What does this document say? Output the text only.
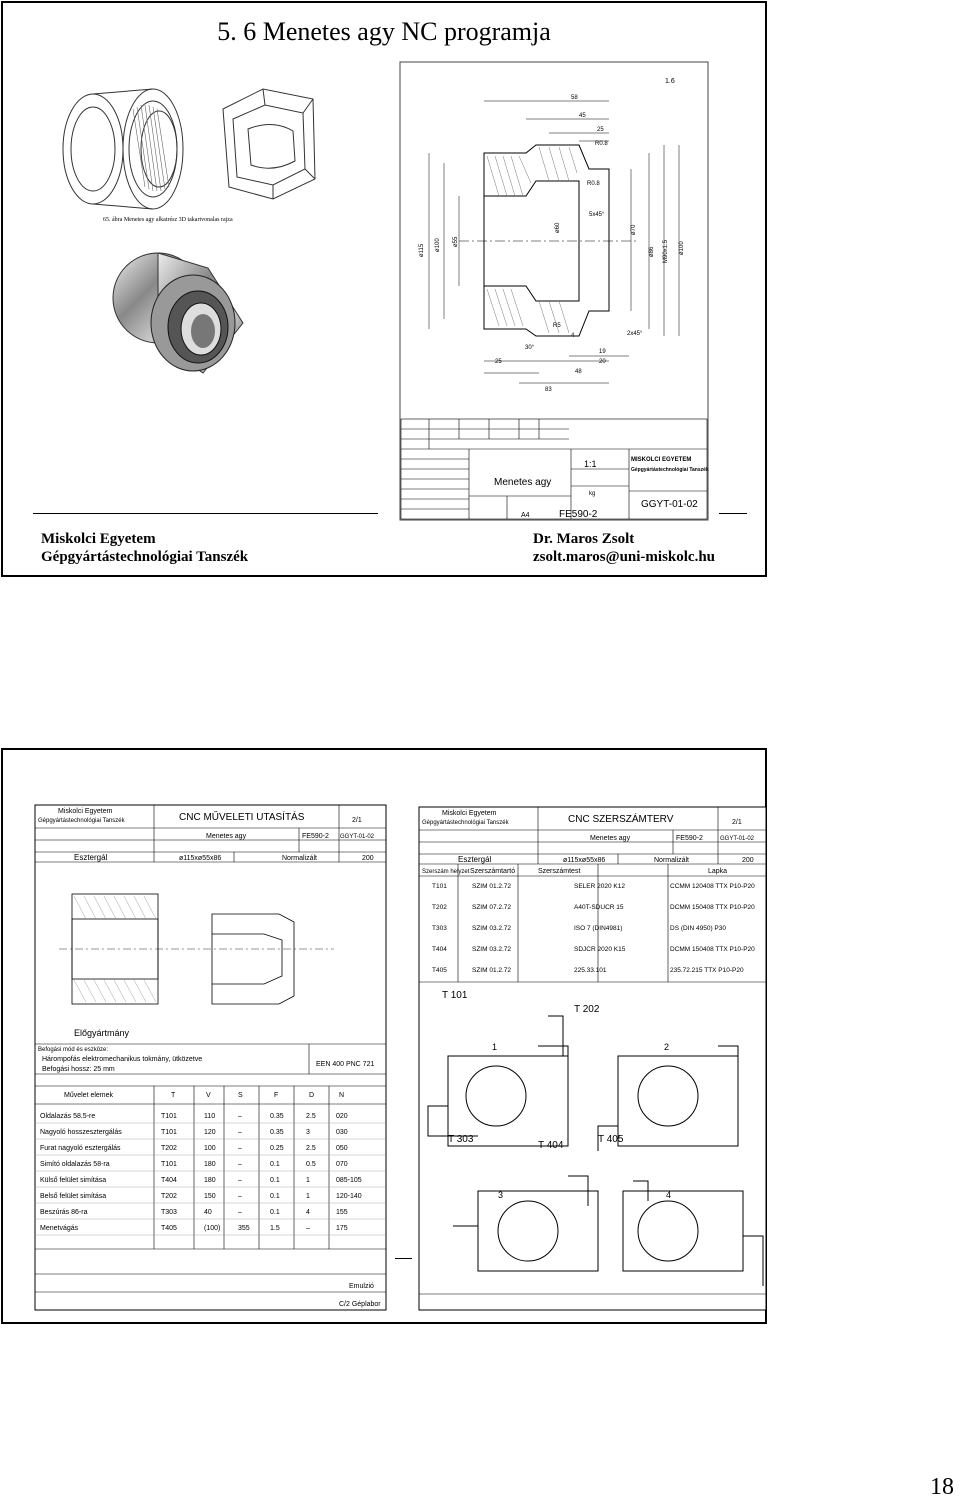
5. 6 Menetes agy NC programja
65. ábra Menetes agy alkatrész 3D takartvonalas rajza
1.6
58
45
25
R0.8
R0.8
5x45°
ø115 ø100 ø55
ø60	ø70
ø86 M90x1.5 ø100
2x45°
30°
19
20
48
25
83
R5
4
Menetes agy
1:1
kg
MISKOLCI EGYETEM
Gépgyártástechnológiai Tanszék
GGYT-01-02
A4	FE590-2
Miskolci Egyetem
Gépgyártástechnológiai Tanszék
Dr. Maros Zsolt
zsolt.maros@uni-miskolc.hu
Miskolci Egyetem
Gépgyártástechnológiai Tanszék	CNC MŰVELETI UTASÍTÁS	2/1
Menetes agy	FE590-2 GGYT-01-02
Esztergál	ø115xø55x86	Normalizált	200
Előgyártmány
Befogási mód és eszköze:
Hárompofás elektromechanikus tokmány, ütközetve
Befogási hossz: 25 mm
EEN 400 PNC 721
Művelet elemek	T	V	S	F	D	N
Oldalazás 58.5-re	T101	110	–	0.35	2.5	020
Nagyoló hosszesztergálás	T101	120	–	0.35	3	030
Furat nagyoló esztergálás	T202	100	–	0.25	2.5	050
Simító oldalazás 58-ra	T101	180	–	0.1	0.5	070
Külső felület simítása	T404	180	–	0.1	1	085-105
Belső felület simítása	T202	150	–	0.1	1	120-140
Beszúrás 86-ra	T303	40	–	0.1	4	155
Menetvágás	T405	(100)	355	1.5	–	175
C/2 Géplabor
Emulzió
Miskolci Egyetem
Gépgyártástechnológiai Tanszék	CNC SZERSZÁMTERV	2/1
Menetes agy	FE590-2	GGYT-01-02
Esztergál	ø115xø55x86	Normalizált	200
Szerszám helyzet Szerszámtartó	Szerszámtest	Lapka
T101	SZIM 01.2.72	SELER 2020 K12	CCMM 120408 TTX P10-P20
T202	SZIM 07.2.72	A40T-SDUCR 15	DCMM 150408 TTX P10-P20
T303	SZIM 03.2.72	ISO 7 (DIN4981)	DS (DIN 4950) P30
T404	SZIM 03.2.72	SDJCR 2020 K15	DCMM 150408 TTX P10-P20
T405	SZIM 01.2.72	225.33.101	235.72.215 TTX P10-P20
T 101
T 202
T 303
T 404
T 405
1	2
3	4
18
